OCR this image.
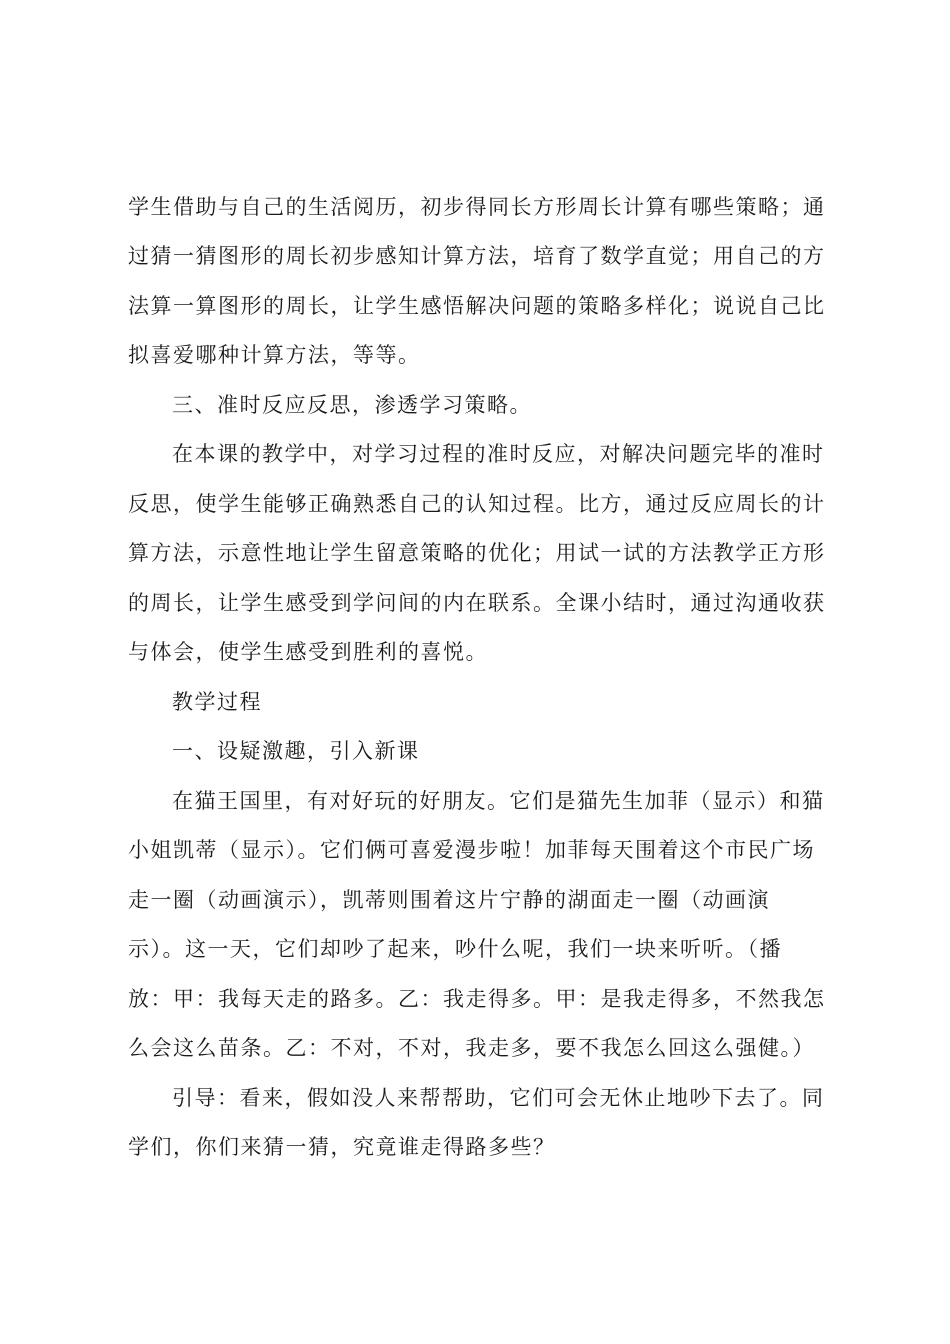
学生借助与自己的生活阅历，初步得同长方形周长计算有哪些策略；通
过猜一猜图形的周长初步感知计算方法，培育了数学直觉；用自己的方
法算一算图形的周长，让学生感悟解决问题的策略多样化；说说自己比
拟喜爱哪种计算方法，等等。
三、准时反应反思，渗透学习策略。
在本课的教学中，对学习过程的准时反应，对解决问题完毕的准时
反思，使学生能够正确熟悉自己的认知过程。比方，通过反应周长的计
算方法，示意性地让学生留意策略的优化；用试一试的方法教学正方形
的周长，让学生感受到学问间的内在联系。全课小结时，通过沟通收获
与体会，使学生感受到胜利的喜悦。
教学过程
一、设疑激趣，引入新课
在猫王国里，有对好玩的好朋友。它们是猫先生加菲（显示）和猫
小姐凯蒂（显示）。它们俩可喜爱漫步啦！加菲每天围着这个市民广场
走一圈（动画演示），凯蒂则围着这片宁静的湖面走一圈（动画演
示）。这一天，它们却吵了起来，吵什么呢，我们一块来听听。（播
放：甲：我每天走的路多。乙：我走得多。甲：是我走得多，不然我怎
么会这么苗条。乙：不对，不对，我走多，要不我怎么回这么强健。）
引导：看来，假如没人来帮帮助，它们可会无休止地吵下去了。同
学们，你们来猜一猜，究竟谁走得路多些？
